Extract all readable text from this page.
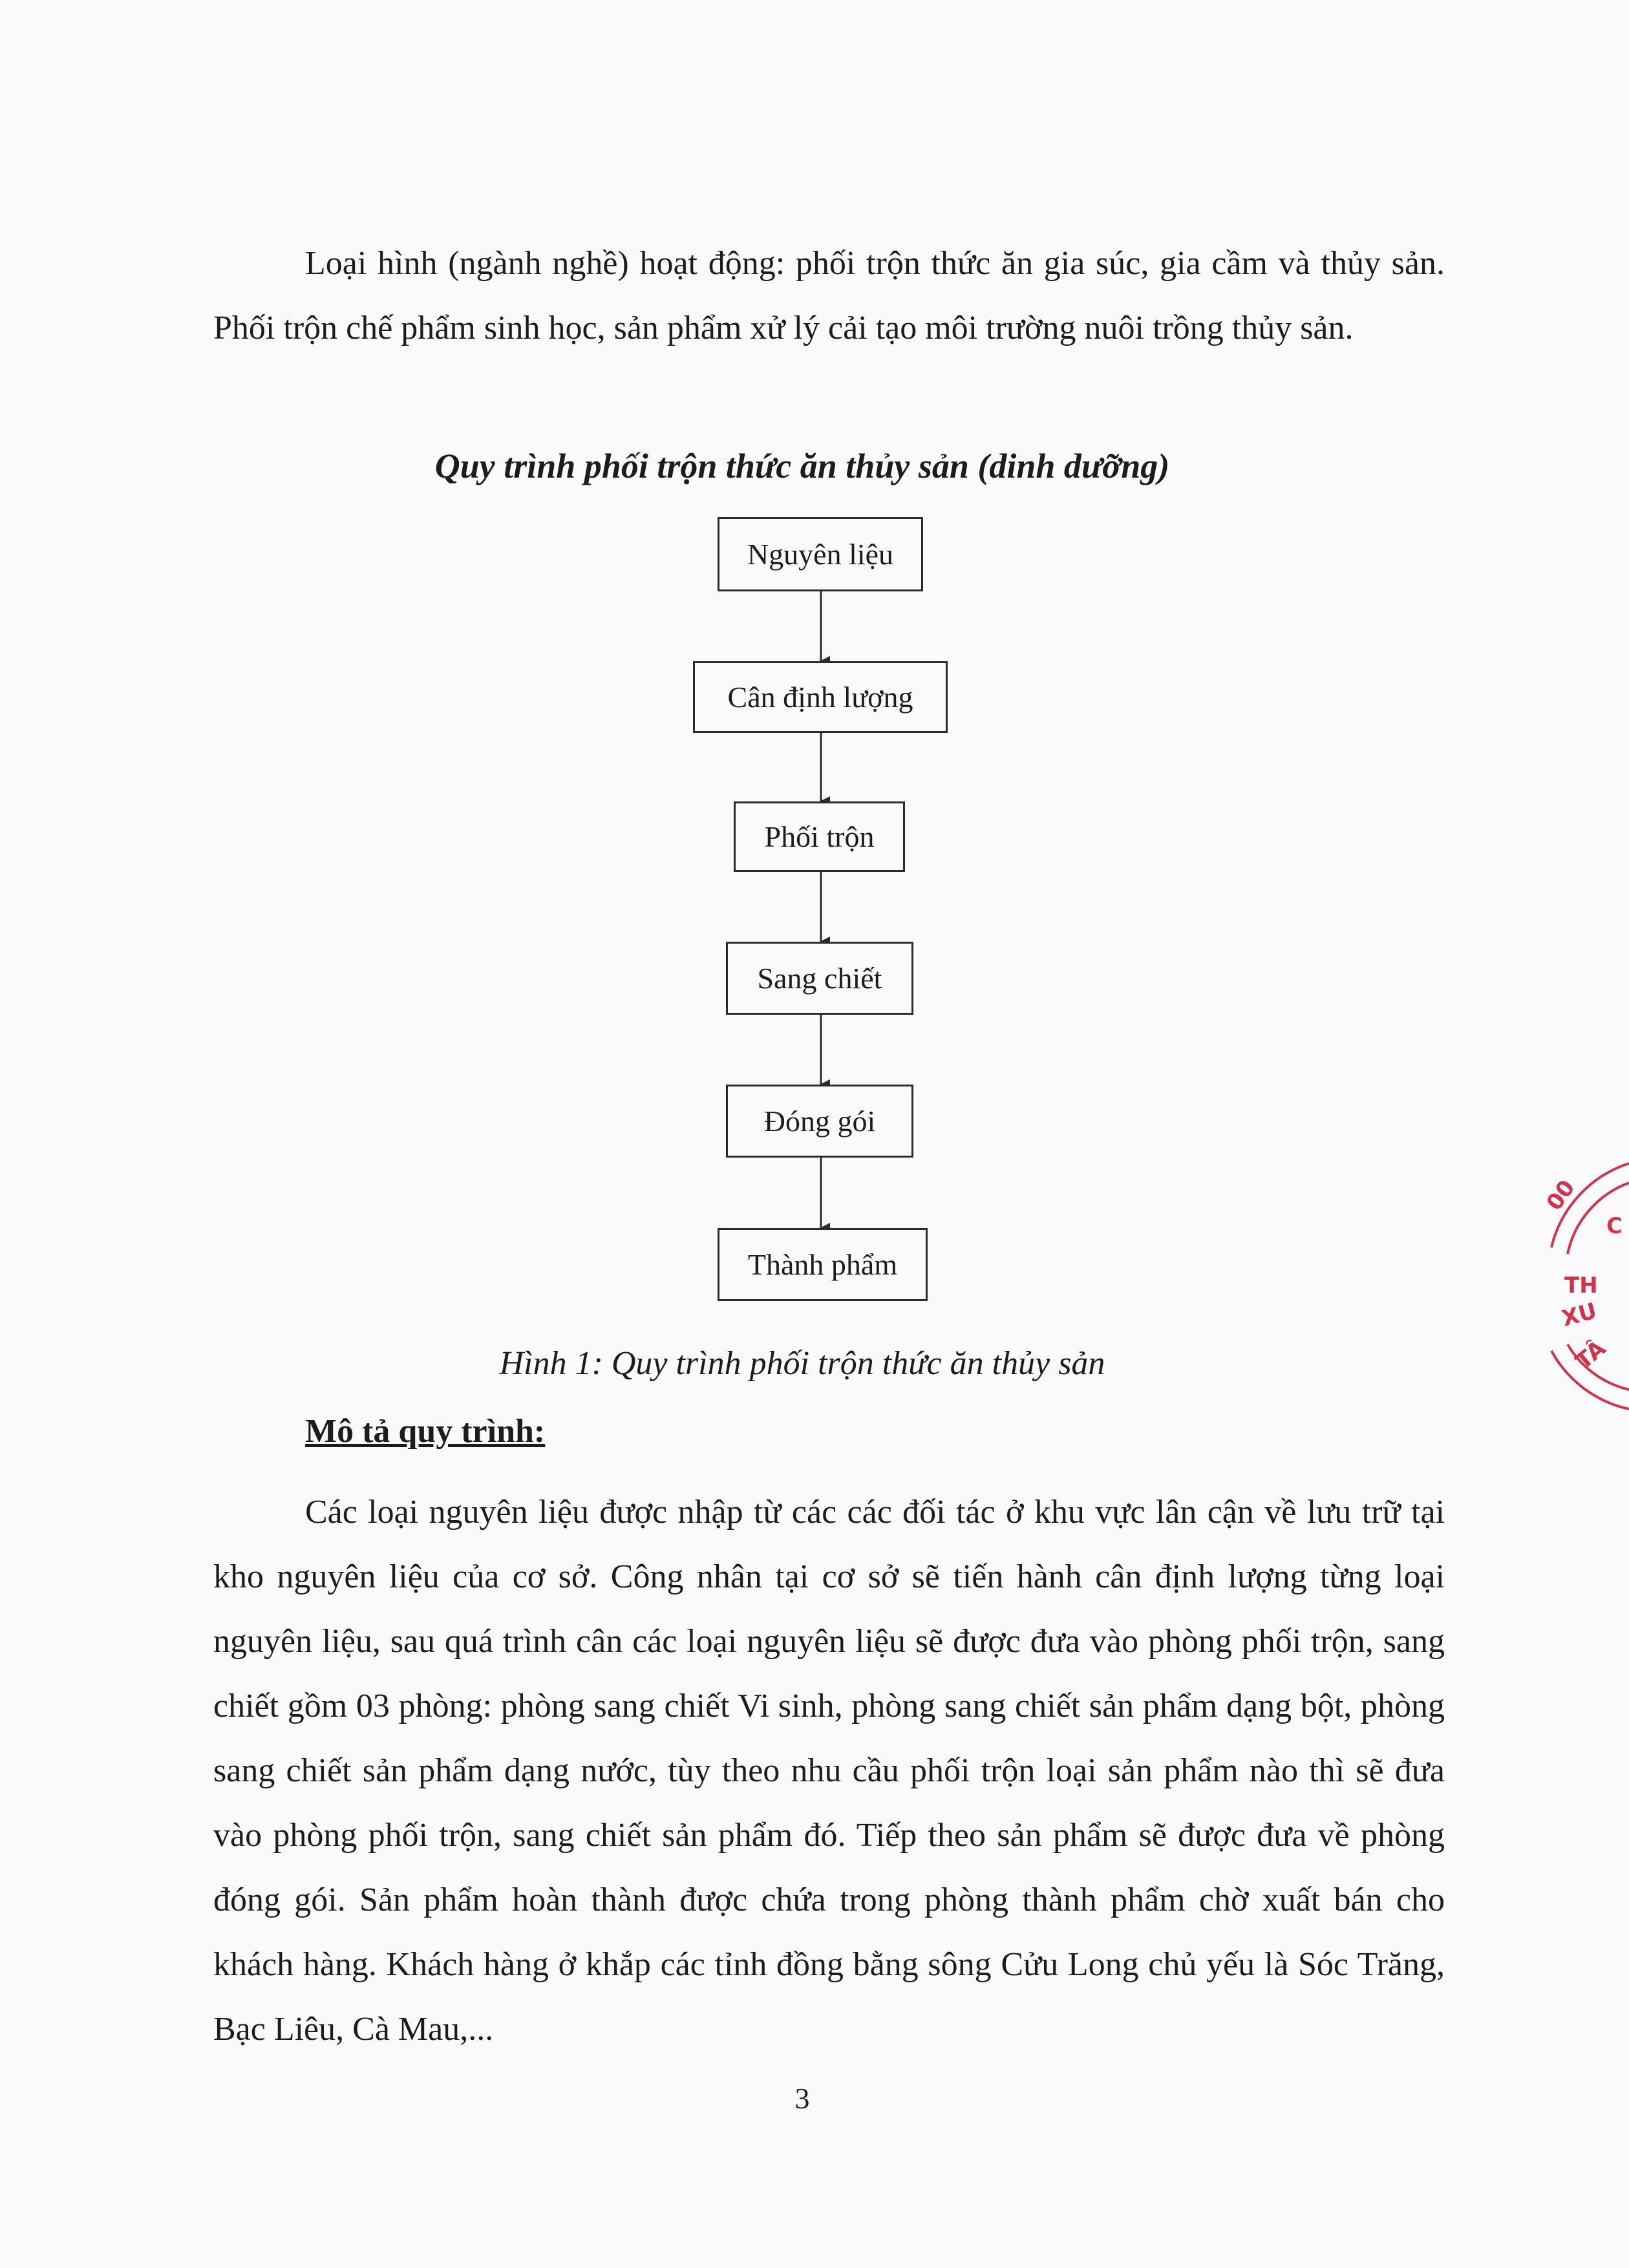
Loại hình (ngành nghề) hoạt động: phối trộn thức ăn gia súc, gia cầm và thủy sản. Phối trộn chế phẩm sinh học, sản phẩm xử lý cải tạo môi trường nuôi trồng thủy sản.

Quy trình phối trộn thức ăn thủy sản (dinh dưỡng)

Nguyên liệu
Cân định lượng
Phối trộn
Sang chiết
Đóng gói
Thành phẩm

Hình 1: Quy trình phối trộn thức ăn thủy sản

Mô tả quy trình:

Các loại nguyên liệu được nhập từ các các đối tác ở khu vực lân cận về lưu trữ tại kho nguyên liệu của cơ sở. Công nhân tại cơ sở sẽ tiến hành cân định lượng từng loại nguyên liệu, sau quá trình cân các loại nguyên liệu sẽ được đưa vào phòng phối trộn, sang chiết gồm 03 phòng: phòng sang chiết Vi sinh, phòng sang chiết sản phẩm dạng bột, phòng sang chiết sản phẩm dạng nước, tùy theo nhu cầu phối trộn loại sản phẩm nào thì sẽ đưa vào phòng phối trộn, sang chiết sản phẩm đó. Tiếp theo sản phẩm sẽ được đưa về phòng đóng gói. Sản phẩm hoàn thành được chứa trong phòng thành phẩm chờ xuất bán cho khách hàng. Khách hàng ở khắp các tỉnh đồng bằng sông Cửu Long chủ yếu là Sóc Trăng, Bạc Liêu, Cà Mau,...

3

00
C
TH
XU
TÂ
